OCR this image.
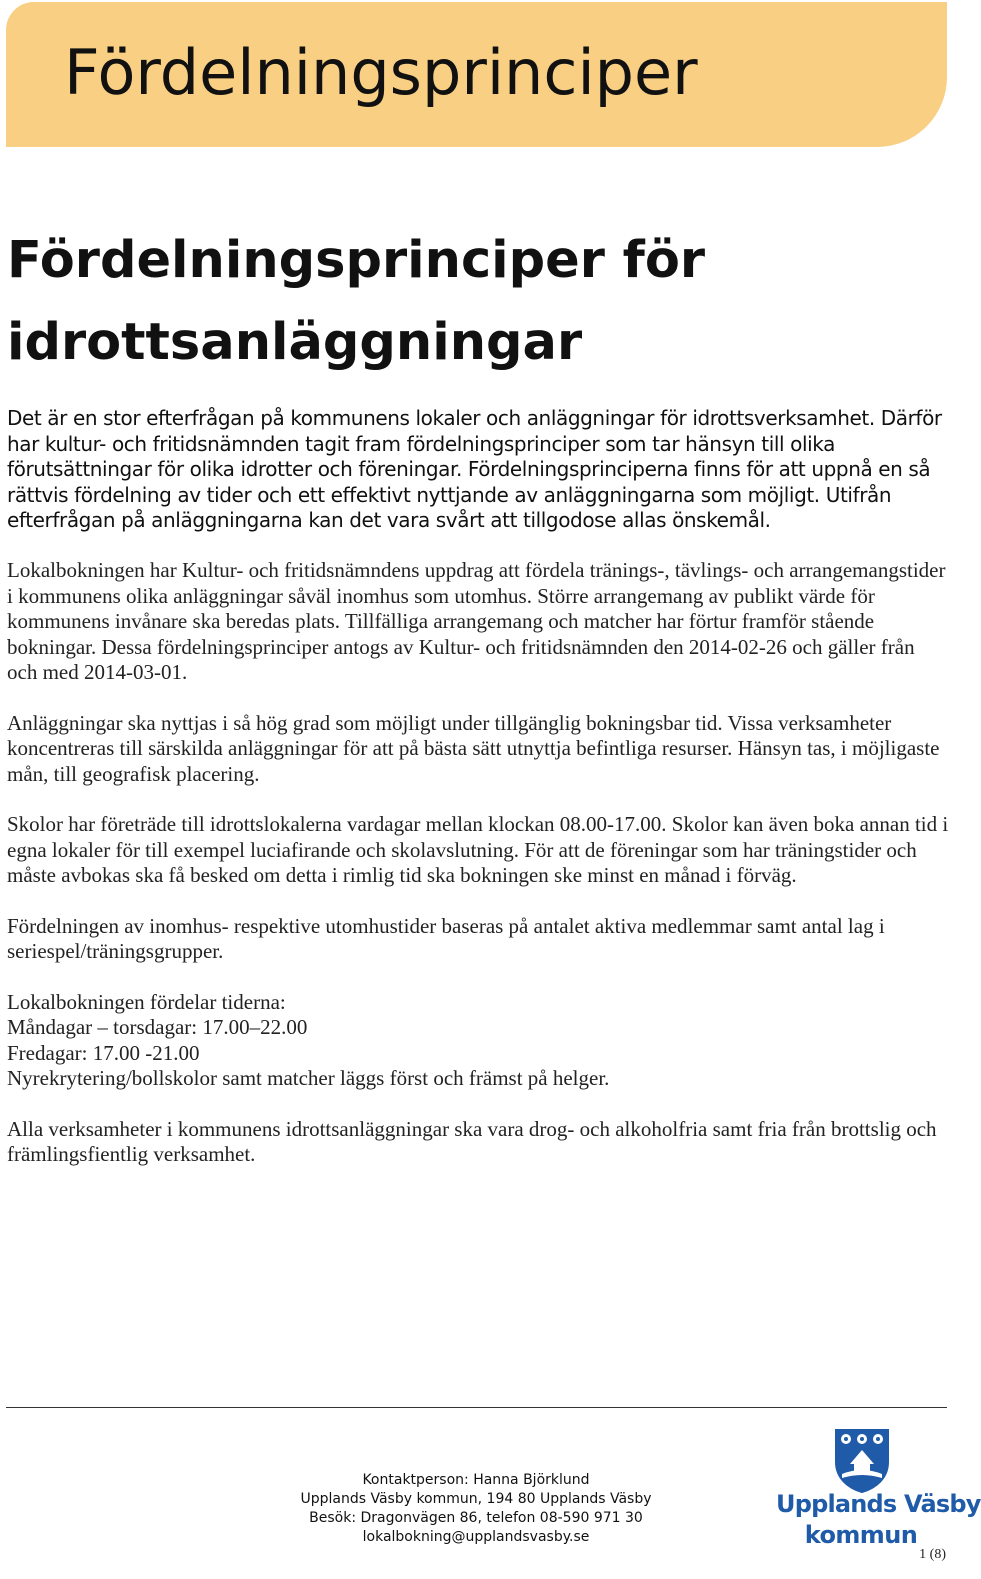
Fördelningsprinciper
Fördelningsprinciper för idrottsanläggningar

Det är en stor efterfrågan på kommunens lokaler och anläggningar för idrottsverksamhet. Därför har kultur- och fritidsnämnden tagit fram fördelningsprinciper som tar hänsyn till olika förutsättningar för olika idrotter och föreningar. Fördelningsprinciperna finns för att uppnå en så rättvis fördelning av tider och ett effektivt nyttjande av anläggningarna som möjligt. Utifrån efterfrågan på anläggningarna kan det vara svårt att tillgodose allas önskemål.

Lokalbokningen har Kultur- och fritidsnämndens uppdrag att fördela tränings-, tävlings- och arrangemangstider i kommunens olika anläggningar såväl inomhus som utomhus. Större arrangemang av publikt värde för kommunens invånare ska beredas plats. Tillfälliga arrangemang och matcher har förtur framför stående bokningar. Dessa fördelningsprinciper antogs av Kultur- och fritidsnämnden den 2014-02-26 och gäller från och med 2014-03-01.

Anläggningar ska nyttjas i så hög grad som möjligt under tillgänglig bokningsbar tid. Vissa verksamheter koncentreras till särskilda anläggningar för att på bästa sätt utnyttja befintliga resurser. Hänsyn tas, i möjligaste mån, till geografisk placering.

Skolor har företräde till idrottslokalerna vardagar mellan klockan 08.00-17.00. Skolor kan även boka annan tid i egna lokaler för till exempel luciafirande och skolavslutning. För att de föreningar som har träningstider och måste avbokas ska få besked om detta i rimlig tid ska bokningen ske minst en månad i förväg.

Fördelningen av inomhus- respektive utomhustider baseras på antalet aktiva medlemmar samt antal lag i seriespel/träningsgrupper.

Lokalbokningen fördelar tiderna:
Måndagar – torsdagar: 17.00–22.00
Fredagar: 17.00 -21.00
Nyrekrytering/bollskolor samt matcher läggs först och främst på helger.

Alla verksamheter i kommunens idrottsanläggningar ska vara drog- och alkoholfria samt fria från brottslig och främlingsfientlig verksamhet.

Kontaktperson: Hanna Björklund
Upplands Väsby kommun, 194 80 Upplands Väsby
Besök: Dragonvägen 86, telefon 08-590 971 30
lokalbokning@upplandsvasby.se
Upplands Väsby
kommun
1 (8)
